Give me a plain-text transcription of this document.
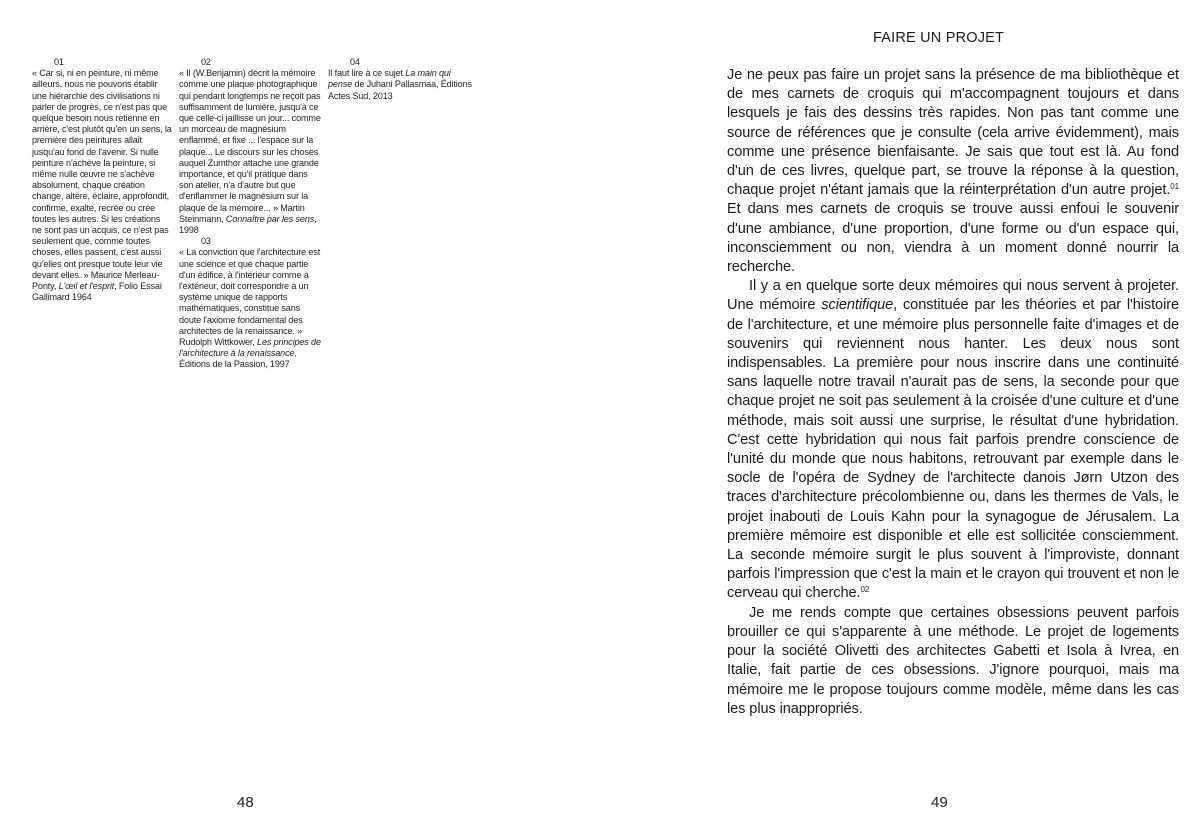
01

« Car si, ni en peinture, ni même ailleurs, nous ne pouvons établir une hiérarchie des civilisations ni parler de progrès, ce n'est pas que quelque besoin nous retienne en arrière, c'est plutôt qu'en un sens, la première des peintures allait jusqu'au fond de l'avenir. Si nulle peinture n'achève la peinture, si même nulle œuvre ne s'achève absolument, chaque création change, altère, éclaire, approfondit, confirme, exalte, recrée ou crée toutes les autres. Si les créations ne sont pas un acquis, ce n'est pas seulement que, comme toutes choses, elles passent, c'est aussi qu'elles ont presque toute leur vie devant elles. » Maurice Merleau-Ponty, L'œil et l'esprit, Folio Essai Gallimard 1964

02

« Il (W.Benjamin) décrit la mémoire comme une plaque photographique qui pendant longtemps ne reçoit pas suffisamment de lumière, jusqu'à ce que celle-ci jaillisse un jour... comme un morceau de magnésium enflammé, et fixe ... l'espace sur la plaque... Le discours sur les choses auquel Zumthor attache une grande importance, et qu'il pratique dans son atelier, n'a d'autre but que d'enflammer le magnésium sur la plaque de la mémoire... » Martin Steinmann, Connaître par les sens, 1998

03

« La conviction que l'architecture est une science et que chaque partie d'un édifice, à l'intérieur comme à l'extérieur, doit correspondre à un système unique de rapports mathématiques, constitue sans doute l'axiome fondamental des architectes de la renaissance. » Rudolph Wittkower, Les principes de l'architecture à la renaissance, Éditions de la Passion, 1997

04

Il faut lire à ce sujet La main qui pense de Juhani Pallasmaa, Éditions Actes Sud, 2013

48
FAIRE UN PROJET

Je ne peux pas faire un projet sans la présence de ma bibliothèque et de mes carnets de croquis qui m'accompagnent toujours et dans lesquels je fais des dessins très rapides. Non pas tant comme une source de références que je consulte (cela arrive évidemment), mais comme une présence bienfaisante. Je sais que tout est là. Au fond d'un de ces livres, quelque part, se trouve la réponse à la question, chaque projet n'étant jamais que la réinterprétation d'un autre projet.$^{01}$ Et dans mes carnets de croquis se trouve aussi enfoui le souvenir d'une ambiance, d'une proportion, d'une forme ou d'un espace qui, inconsciemment ou non, viendra à un moment donné nourrir la recherche.

Il y a en quelque sorte deux mémoires qui nous servent à projeter. Une mémoire scientifique, constituée par les théories et par l'histoire de l'architecture, et une mémoire plus personnelle faite d'images et de souvenirs qui reviennent nous hanter. Les deux nous sont indispensables. La première pour nous inscrire dans une continuité sans laquelle notre travail n'aurait pas de sens, la seconde pour que chaque projet ne soit pas seulement à la croisée d'une culture et d'une méthode, mais soit aussi une surprise, le résultat d'une hybridation. C'est cette hybridation qui nous fait parfois prendre conscience de l'unité du monde que nous habitons, retrouvant par exemple dans le socle de l'opéra de Sydney de l'architecte danois Jørn Utzon des traces d'architecture précolombienne ou, dans les thermes de Vals, le projet inabouti de Louis Kahn pour la synagogue de Jérusalem. La première mémoire est disponible et elle est sollicitée consciemment. La seconde mémoire surgit le plus souvent à l'improviste, donnant parfois l'impression que c'est la main et le crayon qui trouvent et non le cerveau qui cherche.$^{02}$

Je me rends compte que certaines obsessions peuvent parfois brouiller ce qui s'apparente à une méthode. Le projet de logements pour la société Olivetti des architectes Gabetti et Isola à Ivrea, en Italie, fait partie de ces obsessions. J'ignore pourquoi, mais ma mémoire me le propose toujours comme modèle, même dans les cas les plus inappropriés.

49
